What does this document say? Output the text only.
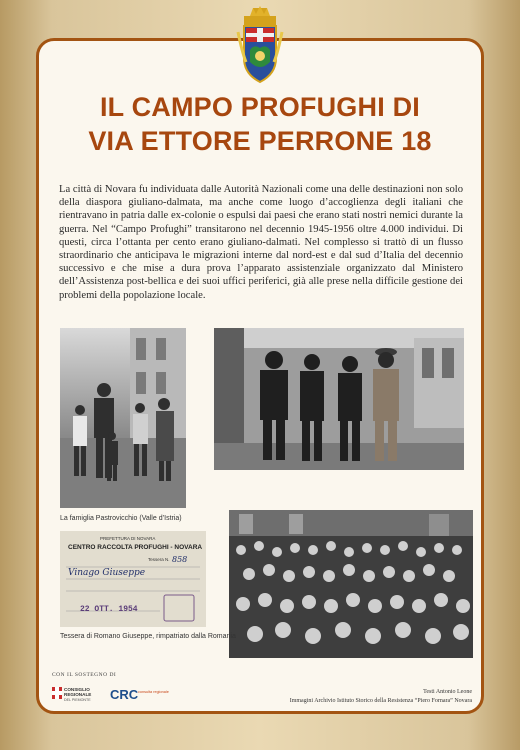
IL CAMPO PROFUGHI DI
VIA ETTORE PERRONE 18

La città di Novara fu individuata dalle Autorità Nazionali come una delle destinazioni non solo della diaspora giuliano-dalmata, ma anche come luogo d’accoglienza degli italiani che rientravano in patria dalle ex-colonie o espulsi dai paesi che erano stati nostri nemici durante la guerra. Nel “Campo Profughi” transitarono nel decennio 1945-1956 oltre 4.000 individui. Di questi, circa l’ottanta per cento erano giuliano-dalmati. Nel complesso si trattò di un flusso straordinario che anticipava le migrazioni interne dal nord-est e dal sud d’Italia del decennio successivo e che mise a dura prova l’apparato assistenziale organizzato dal Ministero dell’Assistenza post-bellica e dei suoi uffici periferici, già alle prese nella difficile gestione dei problemi della popolazione locale.

PREFETTURA DI NOVARA
CENTRO RACCOLTA PROFUGHI - NOVARA
Tessera N. 858
Vinago Giuseppe
22 OTT. 1954
La famiglia Pastrovicchio (Valle d’Istria)
Tessera di Romano Giuseppe, rimpatriato dalla Romania
CON IL SOSTEGNO DI
CONSIGLIO
REGIONALE
DEL PIEMONTE CRC consulta regionale	Testi Antonio Leone
Immagini Archivio Istituto Storico della Resistenza “Piero Fornara” Novara
